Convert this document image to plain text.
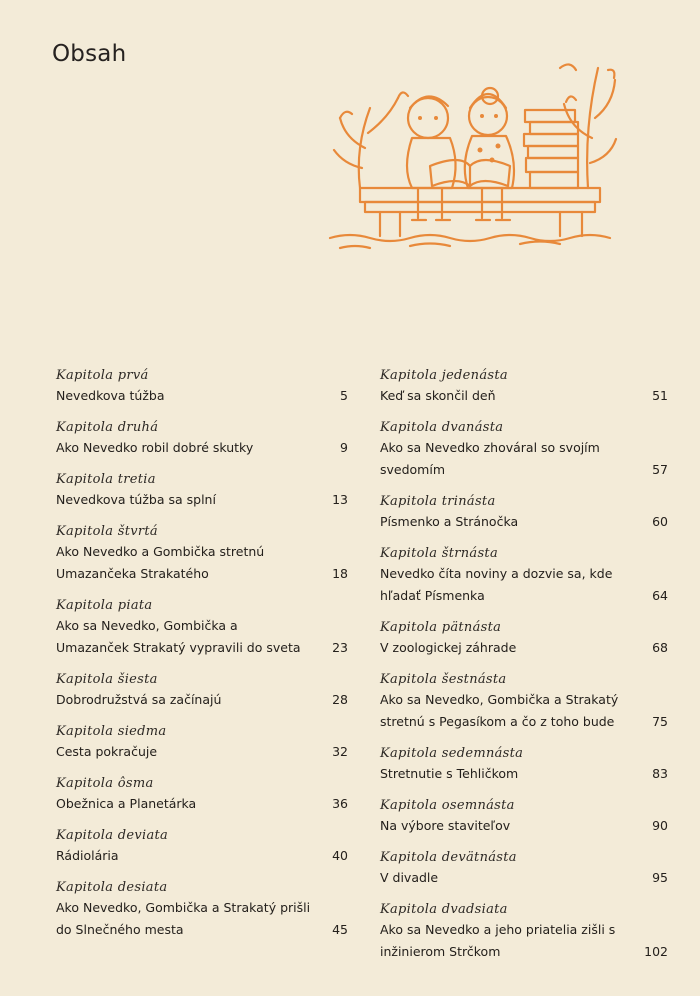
Obsah
Kapitola prvá
Nevedkova túžba	5
Kapitola druhá
Ako Nevedko robil dobré skutky	9
Kapitola tretia
Nevedkova túžba sa splní	13
Kapitola štvrtá
Ako Nevedko a Gombička stretnú Umazančeka Strakatého	18
Kapitola piata
Ako sa Nevedko, Gombička a Umazanček Strakatý vypravili do sveta	23
Kapitola šiesta
Dobrodružstvá sa začínajú	28
Kapitola siedma
Cesta pokračuje	32
Kapitola ôsma
Obežnica a Planetárka	36
Kapitola deviata
Rádiolária	40
Kapitola desiata
Ako Nevedko, Gombička a Strakatý prišli do Slnečného mesta	45
Kapitola jedenásta
Keď sa skončil deň	51
Kapitola dvanásta
Ako sa Nevedko zhováral so svojím svedomím	57
Kapitola trinásta
Písmenko a Stránočka	60
Kapitola štrnásta
Nevedko číta noviny a dozvie sa, kde hľadať Písmenka	64
Kapitola pätnásta
V zoologickej záhrade	68
Kapitola šestnásta
Ako sa Nevedko, Gombička a Strakatý stretnú s Pegasíkom a čo z toho bude	75
Kapitola sedemnásta
Stretnutie s Tehličkom	83
Kapitola osemnásta
Na výbore staviteľov	90
Kapitola devätnásta
V divadle	95
Kapitola dvadsiata
Ako sa Nevedko a jeho priatelia zišli s inžinierom Strčkom	102
